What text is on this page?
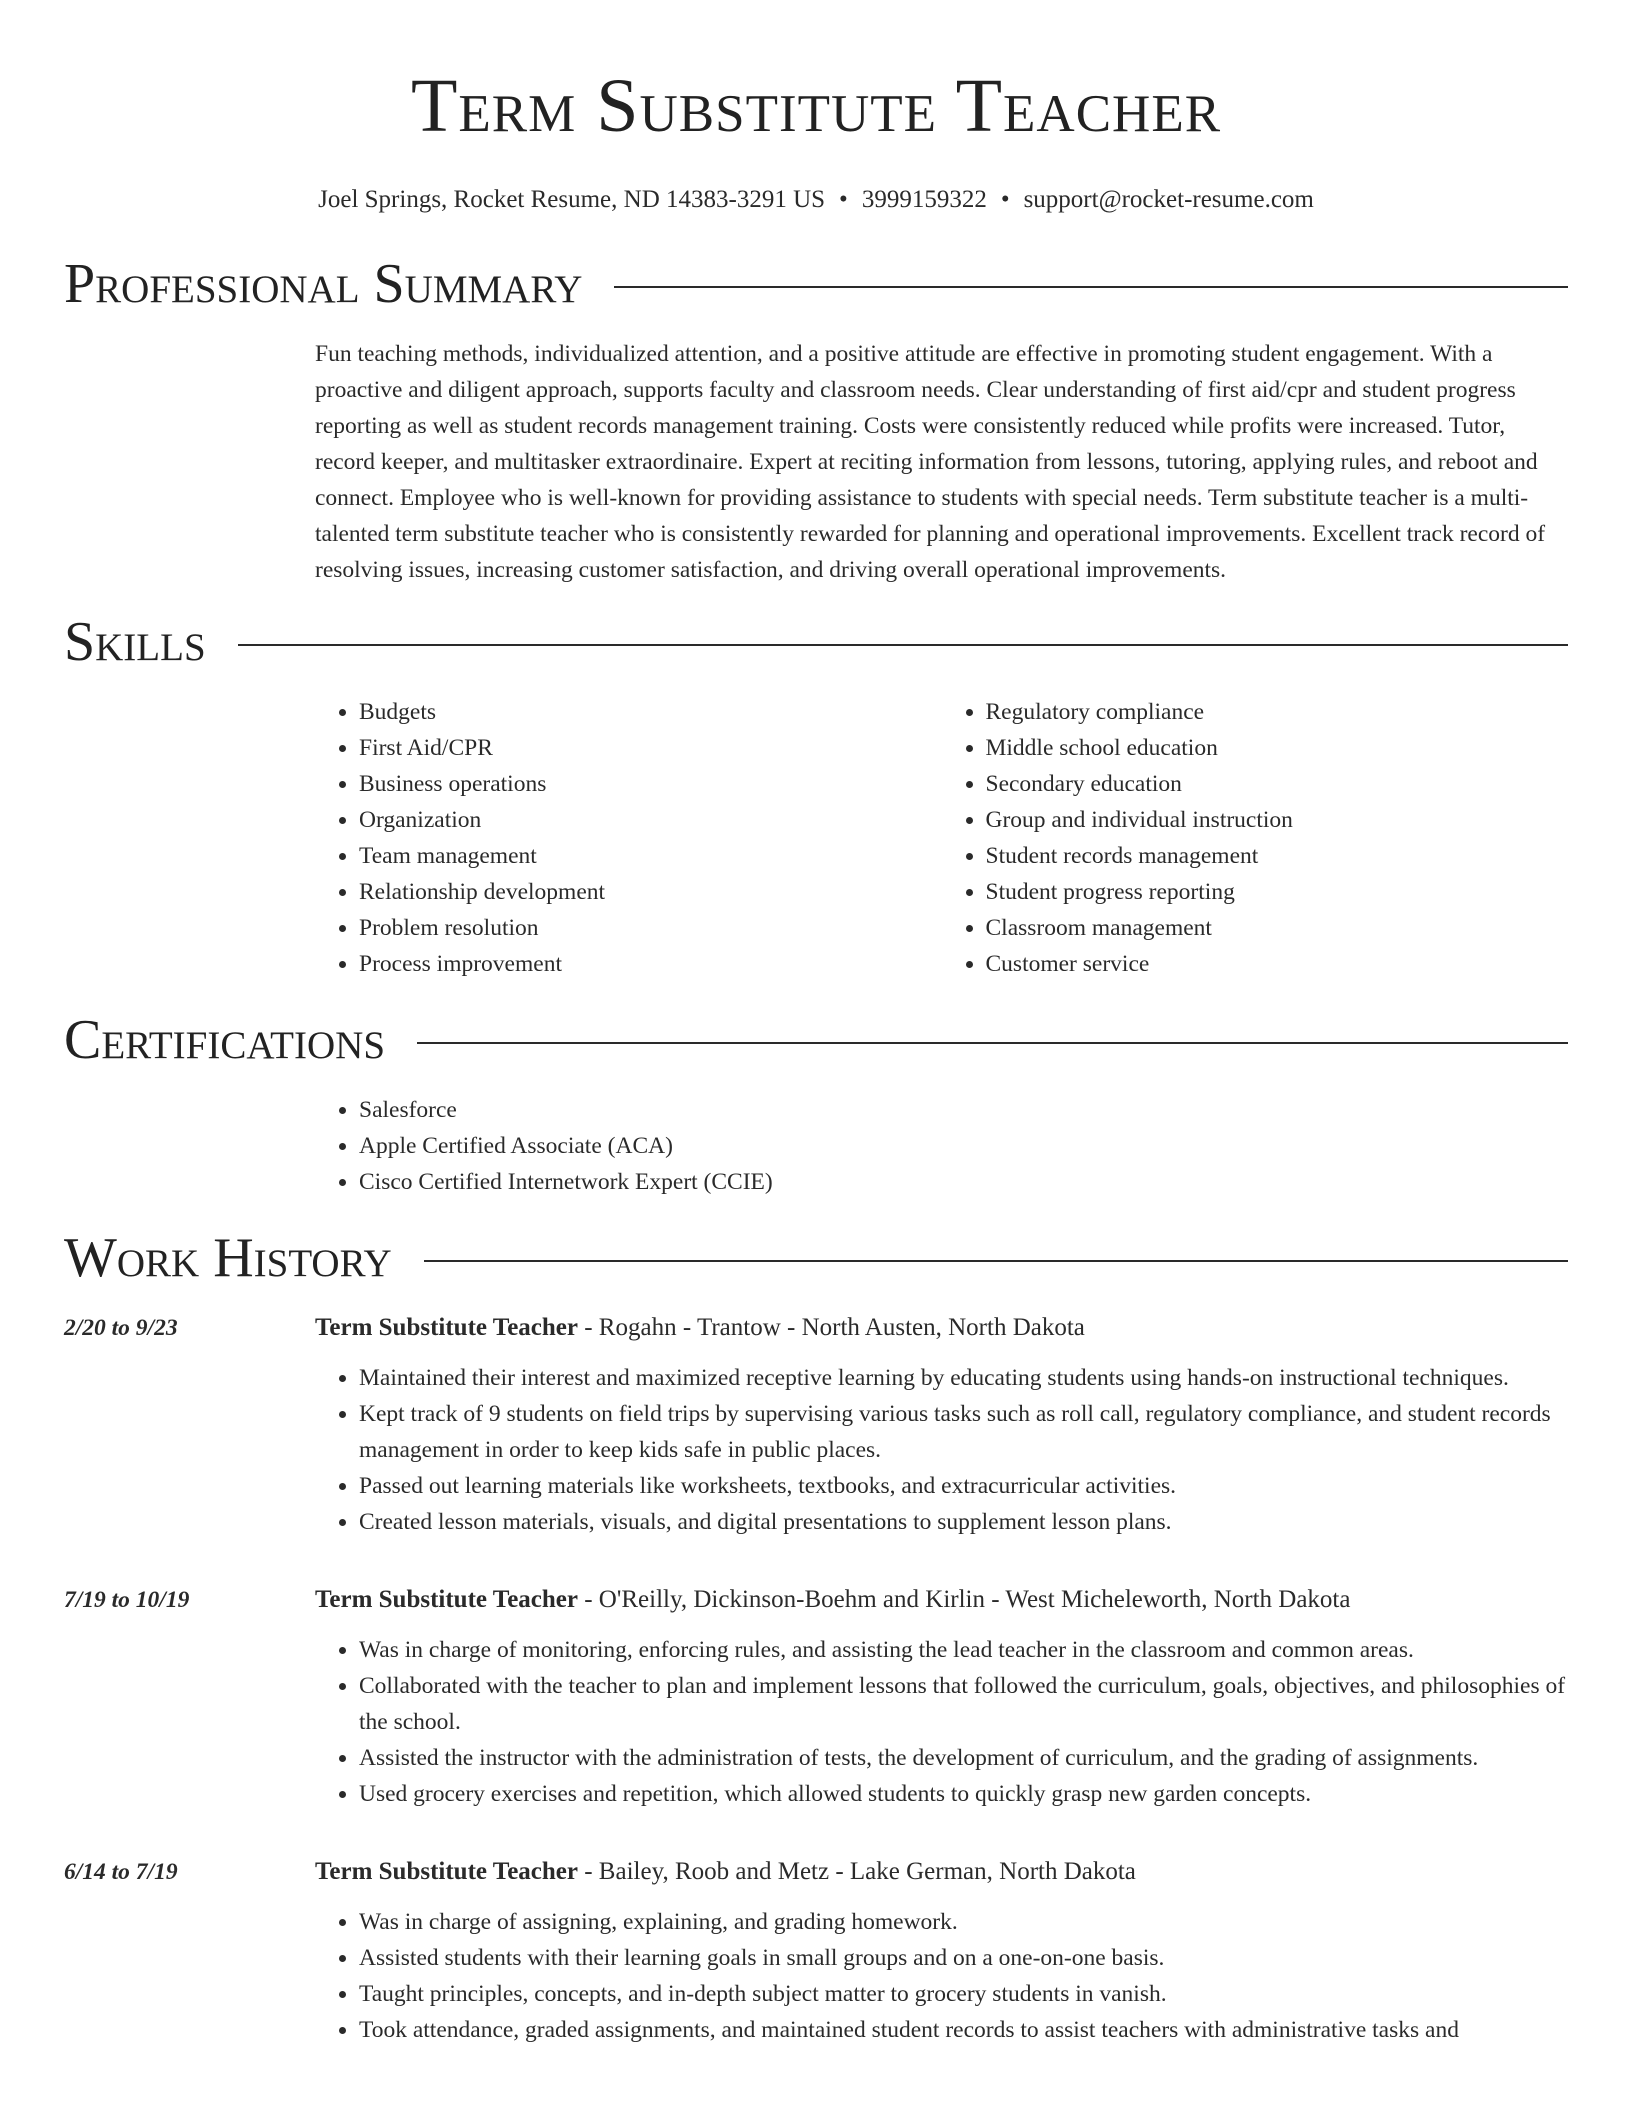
Term Substitute Teacher
Joel Springs, Rocket Resume, ND 14383-3291 US • 3999159322 • support@rocket-resume.com
Professional Summary
Fun teaching methods, individualized attention, and a positive attitude are effective in promoting student engagement. With a proactive and diligent approach, supports faculty and classroom needs. Clear understanding of first aid/cpr and student progress reporting as well as student records management training. Costs were consistently reduced while profits were increased. Tutor, record keeper, and multitasker extraordinaire. Expert at reciting information from lessons, tutoring, applying rules, and reboot and connect. Employee who is well-known for providing assistance to students with special needs. Term substitute teacher is a multi-talented term substitute teacher who is consistently rewarded for planning and operational improvements. Excellent track record of resolving issues, increasing customer satisfaction, and driving overall operational improvements.
Skills
• Budgets
• First Aid/CPR
• Business operations
• Organization
• Team management
• Relationship development
• Problem resolution
• Process improvement
• Regulatory compliance
• Middle school education
• Secondary education
• Group and individual instruction
• Student records management
• Student progress reporting
• Classroom management
• Customer service
Certifications
• Salesforce
• Apple Certified Associate (ACA)
• Cisco Certified Internetwork Expert (CCIE)
Work History
2/20 to 9/23	Term Substitute Teacher - Rogahn - Trantow - North Austen, North Dakota
• Maintained their interest and maximized receptive learning by educating students using hands-on instructional techniques.
• Kept track of 9 students on field trips by supervising various tasks such as roll call, regulatory compliance, and student records management in order to keep kids safe in public places.
• Passed out learning materials like worksheets, textbooks, and extracurricular activities.
• Created lesson materials, visuals, and digital presentations to supplement lesson plans.
7/19 to 10/19	Term Substitute Teacher - O'Reilly, Dickinson-Boehm and Kirlin - West Micheleworth, North Dakota
• Was in charge of monitoring, enforcing rules, and assisting the lead teacher in the classroom and common areas.
• Collaborated with the teacher to plan and implement lessons that followed the curriculum, goals, objectives, and philosophies of the school.
• Assisted the instructor with the administration of tests, the development of curriculum, and the grading of assignments.
• Used grocery exercises and repetition, which allowed students to quickly grasp new garden concepts.
6/14 to 7/19	Term Substitute Teacher - Bailey, Roob and Metz - Lake German, North Dakota
• Was in charge of assigning, explaining, and grading homework.
• Assisted students with their learning goals in small groups and on a one-on-one basis.
• Taught principles, concepts, and in-depth subject matter to grocery students in vanish.
• Took attendance, graded assignments, and maintained student records to assist teachers with administrative tasks and
